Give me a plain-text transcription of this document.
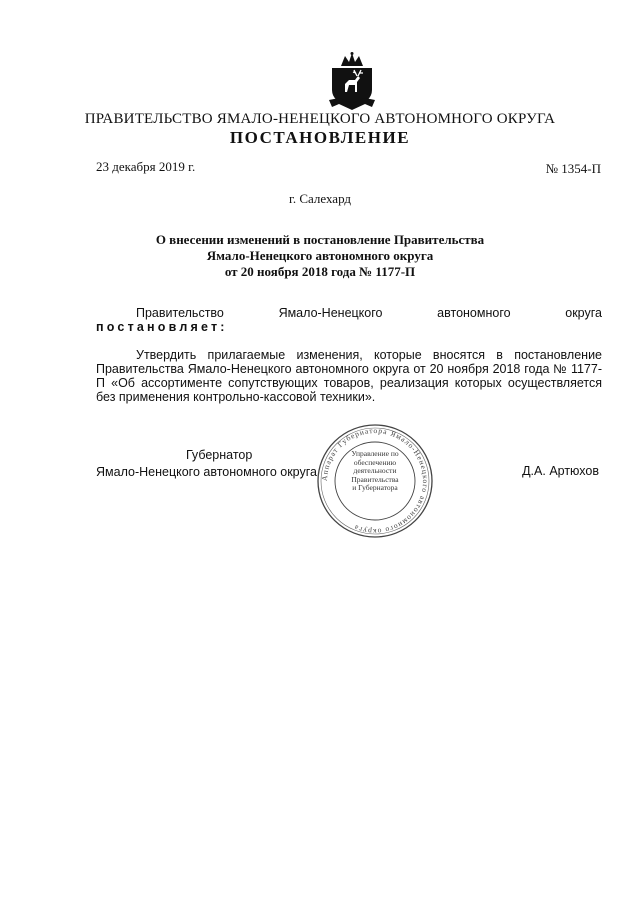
ПРАВИТЕЛЬСТВО ЯМАЛО-НЕНЕЦКОГО АВТОНОМНОГО ОКРУГА
ПОСТАНОВЛЕНИЕ
23 декабря 2019 г.	№ 1354-П
г. Салехард
О внесении изменений в постановление Правительства
Ямало-Ненецкого автономного округа
от 20 ноября 2018 года № 1177-П
Правительство	Ямало-Ненецкого	автономного	округа
постановляет:
Утвердить прилагаемые изменения, которые вносятся в постановление Правительства Ямало-Ненецкого автономного округа от 20 ноября 2018 года № 1177-П «Об ассортименте сопутствующих товаров, реализация которых осуществляется без применения контрольно-кассовой техники».
Губернатор
Ямало-Ненецкого автономного округа	Д.А. Артюхов
Аппарат Губернатора Ямало-Ненецкого автономного округа
Управление по
обеспечению
деятельности
Правительства
и Губернатора
